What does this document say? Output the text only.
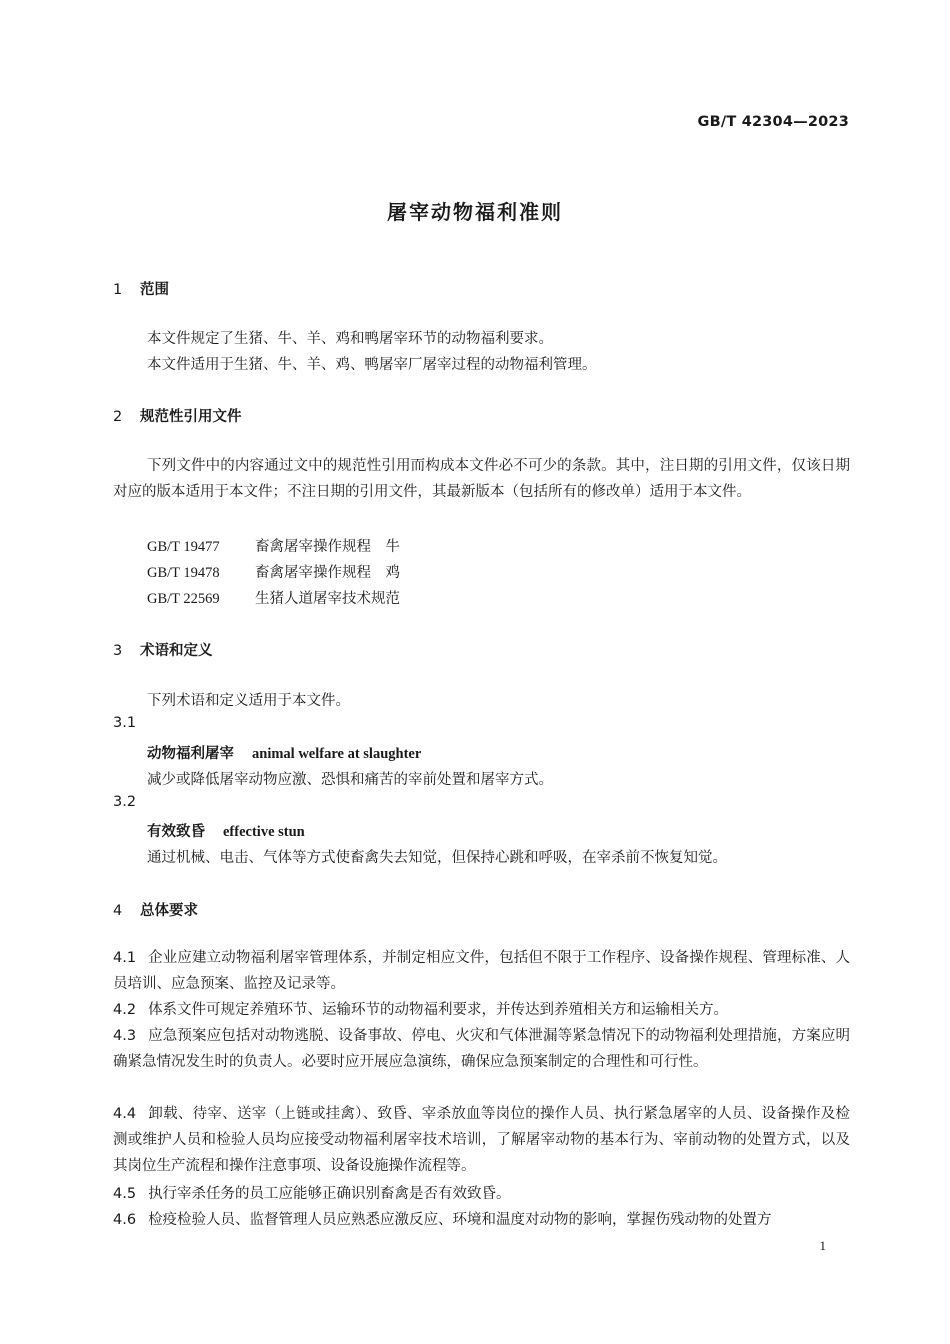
GB/T 42304—2023
屠宰动物福利准则
1 范围
本文件规定了生猪、牛、羊、鸡和鸭屠宰环节的动物福利要求。
本文件适用于生猪、牛、羊、鸡、鸭屠宰厂屠宰过程的动物福利管理。
2 规范性引用文件
下列文件中的内容通过文中的规范性引用而构成本文件必不可少的条款。其中，注日期的引用文件，仅该日期对应的版本适用于本文件；不注日期的引用文件，其最新版本（包括所有的修改单）适用于本文件。
GB/T 19477 畜禽屠宰操作规程　牛
GB/T 19478 畜禽屠宰操作规程　鸡
GB/T 22569 生猪人道屠宰技术规范
3 术语和定义
下列术语和定义适用于本文件。
3.1
动物福利屠宰 animal welfare at slaughter
减少或降低屠宰动物应激、恐惧和痛苦的宰前处置和屠宰方式。
3.2
有效致昏 effective stun
通过机械、电击、气体等方式使畜禽失去知觉，但保持心跳和呼吸，在宰杀前不恢复知觉。
4 总体要求
4.1 企业应建立动物福利屠宰管理体系，并制定相应文件，包括但不限于工作程序、设备操作规程、管理标准、人员培训、应急预案、监控及记录等。
4.2 体系文件可规定养殖环节、运输环节的动物福利要求，并传达到养殖相关方和运输相关方。
4.3 应急预案应包括对动物逃脱、设备事故、停电、火灾和气体泄漏等紧急情况下的动物福利处理措施，方案应明确紧急情况发生时的负责人。必要时应开展应急演练，确保应急预案制定的合理性和可行性。
4.4 卸载、待宰、送宰（上链或挂禽）、致昏、宰杀放血等岗位的操作人员、执行紧急屠宰的人员、设备操作及检测或维护人员和检验人员均应接受动物福利屠宰技术培训，了解屠宰动物的基本行为、宰前动物的处置方式，以及其岗位生产流程和操作注意事项、设备设施操作流程等。
4.5 执行宰杀任务的员工应能够正确识别畜禽是否有效致昏。
4.6 检疫检验人员、监督管理人员应熟悉应激反应、环境和温度对动物的影响，掌握伤残动物的处置方
1
